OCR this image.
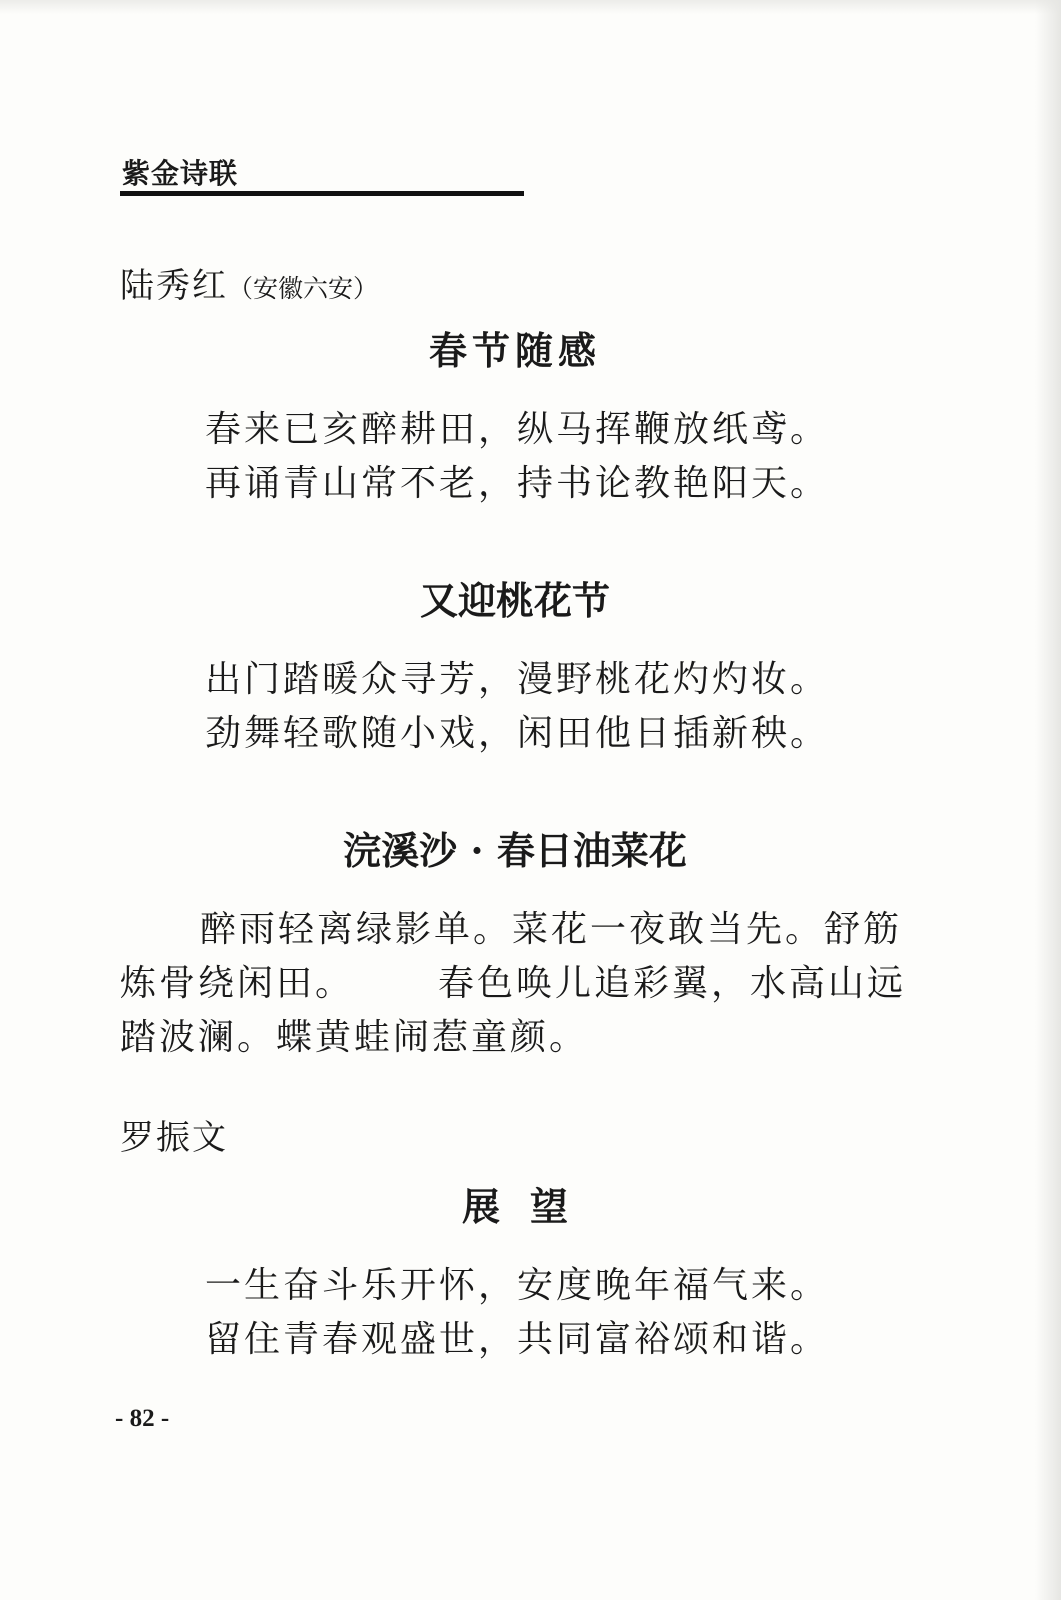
紫金诗联
陆秀红（安徽六安）
春节随感
春来已亥醉耕田，纵马挥鞭放纸鸢。
再诵青山常不老，持书论教艳阳天。
又迎桃花节
出门踏暖众寻芳，漫野桃花灼灼妆。
劲舞轻歌随小戏，闲田他日插新秧。
浣溪沙 · 春日油菜花
醉雨轻离绿影单。菜花一夜敢当先。舒筋
炼骨绕闲田。 春色唤儿追彩翼，水高山远
踏波澜。蝶黄蛙闹惹童颜。
罗振文
展望
一生奋斗乐开怀，安度晚年福气来。
留住青春观盛世，共同富裕颂和谐。
- 82 -
